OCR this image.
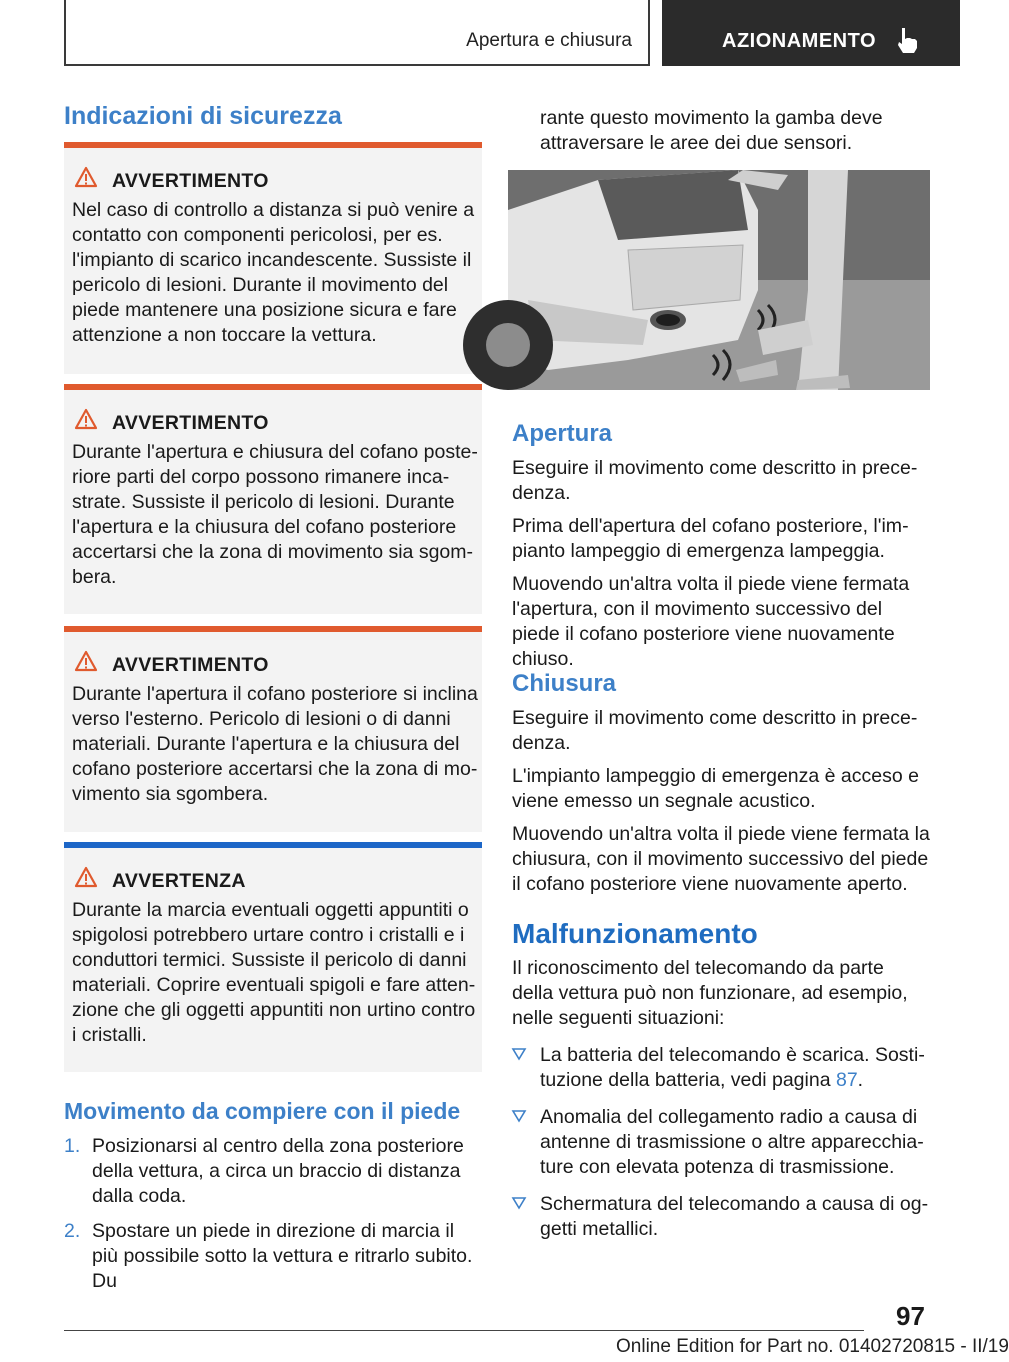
Apertura e chiusura	AZIONAMENTO
Indicazioni di sicurezza
AVVERTIMENTO
Nel caso di controllo a distanza si può venire a contatto con componenti pericolosi, per es. l'impianto di scarico incandescente. Sussiste il pericolo di lesioni. Durante il movimento del piede mantenere una posizione sicura e fare attenzione a non toccare la vettura.
AVVERTIMENTO
Durante l'apertura e chiusura del cofano posteriore parti del corpo possono rimanere incastrate. Sussiste il pericolo di lesioni. Durante l'apertura e la chiusura del cofano posteriore accertarsi che la zona di movimento sia sgombera.
AVVERTIMENTO
Durante l'apertura il cofano posteriore si inclina verso l'esterno. Pericolo di lesioni o di danni materiali. Durante l'apertura e la chiusura del cofano posteriore accertarsi che la zona di movimento sia sgombera.
AVVERTENZA
Durante la marcia eventuali oggetti appuntiti o spigolosi potrebbero urtare contro i cristalli e i conduttori termici. Sussiste il pericolo di danni materiali. Coprire eventuali spigoli e fare attenzione che gli oggetti appuntiti non urtino contro i cristalli.
Movimento da compiere con il piede
1. Posizionarsi al centro della zona posteriore della vettura, a circa un braccio di distanza dalla coda.
2. Spostare un piede in direzione di marcia il più possibile sotto la vettura e ritrarlo subito. Du
rante questo movimento la gamba deve attraversare le aree dei due sensori.
Apertura
Eseguire il movimento come descritto in precedenza.
Prima dell'apertura del cofano posteriore, l'impianto lampeggio di emergenza lampeggia.
Muovendo un'altra volta il piede viene fermata l'apertura, con il movimento successivo del piede il cofano posteriore viene nuovamente chiuso.
Chiusura
Eseguire il movimento come descritto in precedenza.
L'impianto lampeggio di emergenza è acceso e viene emesso un segnale acustico.
Muovendo un'altra volta il piede viene fermata la chiusura, con il movimento successivo del piede il cofano posteriore viene nuovamente aperto.
Malfunzionamento
Il riconoscimento del telecomando da parte della vettura può non funzionare, ad esempio, nelle seguenti situazioni:
La batteria del telecomando è scarica. Sostituzione della batteria, vedi pagina 87.
Anomalia del collegamento radio a causa di antenne di trasmissione o altre apparecchiature con elevata potenza di trasmissione.
Schermatura del telecomando a causa di oggetti metallici.
97
Online Edition for Part no. 01402720815 - II/19
